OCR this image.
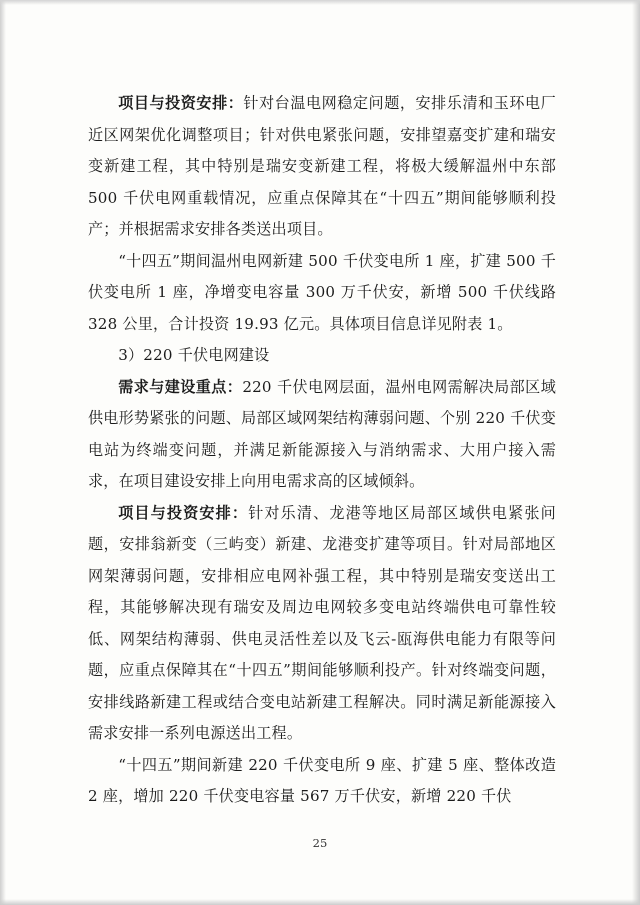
项目与投资安排：针对台温电网稳定问题，安排乐清和玉环电厂近区网架优化调整项目；针对供电紧张问题，安排望嘉变扩建和瑞安变新建工程，其中特别是瑞安变新建工程，将极大缓解温州中东部 500 千伏电网重载情况，应重点保障其在“十四五”期间能够顺利投产；并根据需求安排各类送出项目。

“十四五”期间温州电网新建 500 千伏变电所 1 座，扩建 500 千伏变电所 1 座，净增变电容量 300 万千伏安，新增 500 千伏线路 328 公里，合计投资 19.93 亿元。具体项目信息详见附表 1。

3）220 千伏电网建设

需求与建设重点：220 千伏电网层面，温州电网需解决局部区域供电形势紧张的问题、局部区域网架结构薄弱问题、个别 220 千伏变电站为终端变问题，并满足新能源接入与消纳需求、大用户接入需求，在项目建设安排上向用电需求高的区域倾斜。

项目与投资安排：针对乐清、龙港等地区局部区域供电紧张问题，安排翁新变（三屿变）新建、龙港变扩建等项目。针对局部地区网架薄弱问题，安排相应电网补强工程，其中特别是瑞安变送出工程，其能够解决现有瑞安及周边电网较多变电站终端供电可靠性较低、网架结构薄弱、供电灵活性差以及飞云-瓯海供电能力有限等问题，应重点保障其在“十四五”期间能够顺利投产。针对终端变问题，安排线路新建工程或结合变电站新建工程解决。同时满足新能源接入需求安排一系列电源送出工程。

“十四五”期间新建 220 千伏变电所 9 座、扩建 5 座、整体改造 2 座，增加 220 千伏变电容量 567 万千伏安，新增 220 千伏

25
